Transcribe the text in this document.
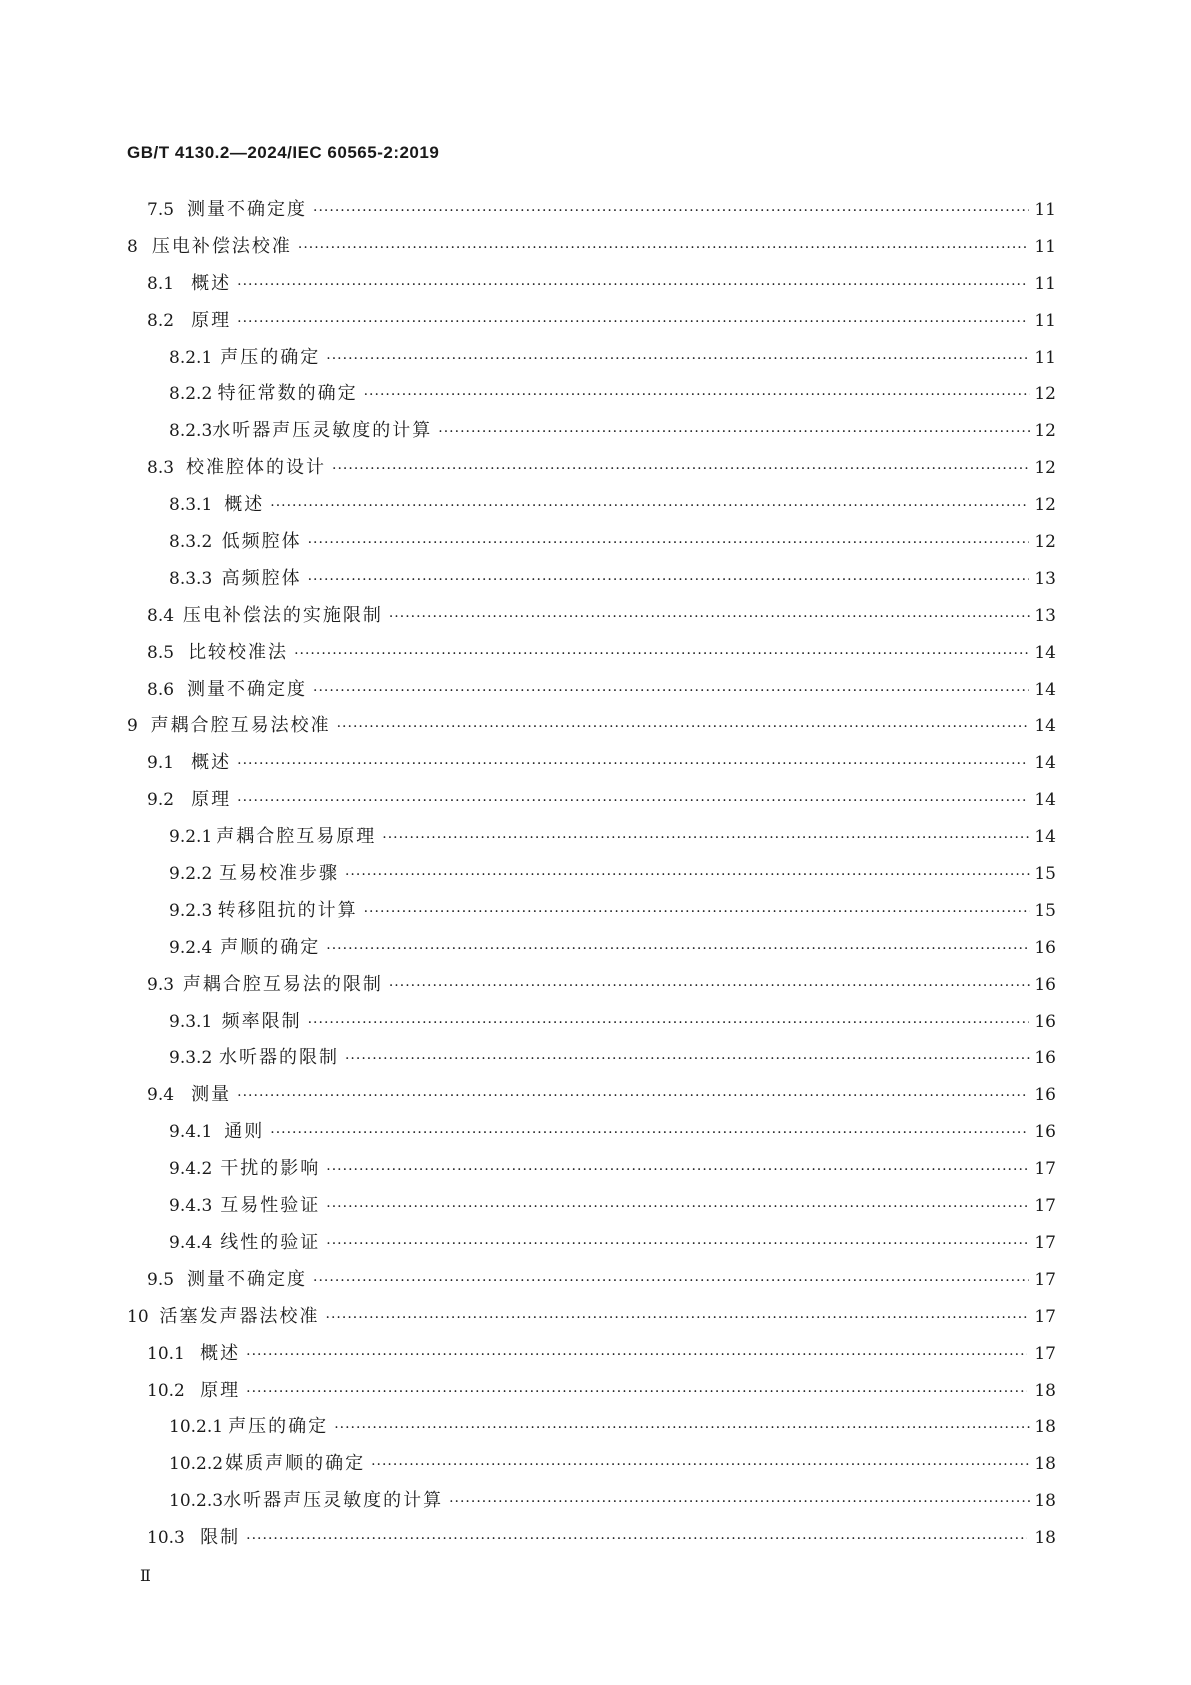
GB/T 4130.2—2024/IEC 60565-2:2019
7.5 测量不确定度 ·····	11
8 压电补偿法校准 ·····	11
8.1 概述 ·····	11
8.2 原理 ·····	11
8.2.1 声压的确定 ·····	11
8.2.2 特征常数的确定 ·····	12
8.2.3 水听器声压灵敏度的计算 ·····	12
8.3 校准腔体的设计 ·····	12
8.3.1 概述 ·····	12
8.3.2 低频腔体 ·····	12
8.3.3 高频腔体 ·····	13
8.4 压电补偿法的实施限制 ·····	13
8.5 比较校准法 ·····	14
8.6 测量不确定度 ·····	14
9 声耦合腔互易法校准 ·····	14
9.1 概述 ·····	14
9.2 原理 ·····	14
9.2.1 声耦合腔互易原理 ·····	14
9.2.2 互易校准步骤 ·····	15
9.2.3 转移阻抗的计算 ·····	15
9.2.4 声顺的确定 ·····	16
9.3 声耦合腔互易法的限制 ·····	16
9.3.1 频率限制 ·····	16
9.3.2 水听器的限制 ·····	16
9.4 测量 ·····	16
9.4.1 通则 ·····	16
9.4.2 干扰的影响 ·····	17
9.4.3 互易性验证 ·····	17
9.4.4 线性的验证 ·····	17
9.5 测量不确定度 ·····	17
10 活塞发声器法校准 ·····	17
10.1 概述 ·····	17
10.2 原理 ·····	18
10.2.1 声压的确定 ·····	18
10.2.2 媒质声顺的确定 ·····	18
10.2.3 水听器声压灵敏度的计算 ·····	18
10.3 限制 ·····	18
Ⅱ
